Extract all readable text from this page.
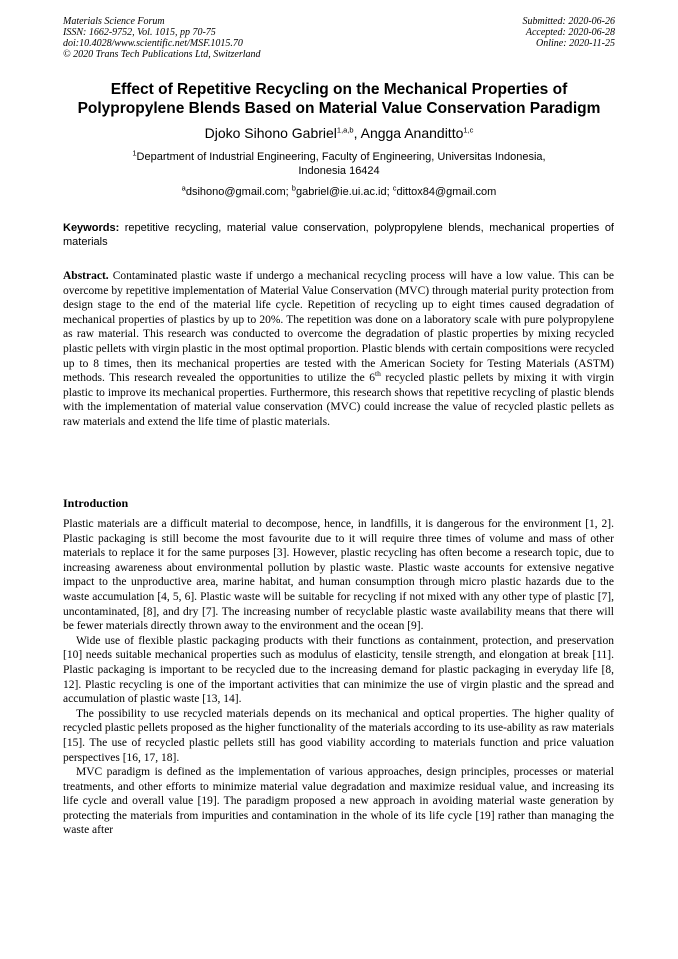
Materials Science Forum
ISSN: 1662-9752, Vol. 1015, pp 70-75
doi:10.4028/www.scientific.net/MSF.1015.70
© 2020 Trans Tech Publications Ltd, Switzerland
Submitted: 2020-06-26
Accepted: 2020-06-28
Online: 2020-11-25
Effect of Repetitive Recycling on the Mechanical Properties of
Polypropylene Blends Based on Material Value Conservation Paradigm
Djoko Sihono Gabriel$^{1,a,b}$, Angga Ananditto$^{1,c}$
$^1$Department of Industrial Engineering, Faculty of Engineering, Universitas Indonesia,
Indonesia 16424
$^a$dsihono@gmail.com; $^b$gabriel@ie.ui.ac.id; $^c$dittox84@gmail.com
Keywords: repetitive recycling, material value conservation, polypropylene blends, mechanical properties of materials
Abstract. Contaminated plastic waste if undergo a mechanical recycling process will have a low value. This can be overcome by repetitive implementation of Material Value Conservation (MVC) through material purity protection from design stage to the end of the material life cycle. Repetition of recycling up to eight times caused degradation of mechanical properties of plastics by up to 20%. The repetition was done on a laboratory scale with pure polypropylene as raw material. This research was conducted to overcome the degradation of plastic properties by mixing recycled plastic pellets with virgin plastic in the most optimal proportion. Plastic blends with certain compositions were recycled up to 8 times, then its mechanical properties are tested with the American Society for Testing Materials (ASTM) methods. This research revealed the opportunities to utilize the 6th recycled plastic pellets by mixing it with virgin plastic to improve its mechanical properties. Furthermore, this research shows that repetitive recycling of plastic blends with the implementation of material value conservation (MVC) could increase the value of recycled plastic pellets as raw materials and extend the life time of plastic materials.
Introduction

Plastic materials are a difficult material to decompose, hence, in landfills, it is dangerous for the environment [1, 2]. Plastic packaging is still become the most favourite due to it will require three times of volume and mass of other materials to replace it for the same purposes [3]. However, plastic recycling has often become a research topic, due to increasing awareness about environmental pollution by plastic waste. Plastic waste accounts for extensive negative impact to the unproductive area, marine habitat, and human consumption through micro plastic hazards due to the waste accumulation [4, 5, 6]. Plastic waste will be suitable for recycling if not mixed with any other type of plastic [7], uncontaminated, [8], and dry [7]. The increasing number of recyclable plastic waste availability means that there will be fewer materials directly thrown away to the environment and the ocean [9].

Wide use of flexible plastic packaging products with their functions as containment, protection, and preservation [10] needs suitable mechanical properties such as modulus of elasticity, tensile strength, and elongation at break [11]. Plastic packaging is important to be recycled due to the increasing demand for plastic packaging in everyday life [8, 12]. Plastic recycling is one of the important activities that can minimize the use of virgin plastic and the spread and accumulation of plastic waste [13, 14].

The possibility to use recycled materials depends on its mechanical and optical properties. The higher quality of recycled plastic pellets proposed as the higher functionality of the materials according to its use-ability as raw materials [15]. The use of recycled plastic pellets still has good viability according to materials function and price valuation perspectives [16, 17, 18].

MVC paradigm is defined as the implementation of various approaches, design principles, processes or material treatments, and other efforts to minimize material value degradation and maximize residual value, and increasing its life cycle and overall value [19]. The paradigm proposed a new approach in avoiding material waste generation by protecting the materials from impurities and contamination in the whole of its life cycle [19] rather than managing the waste after
